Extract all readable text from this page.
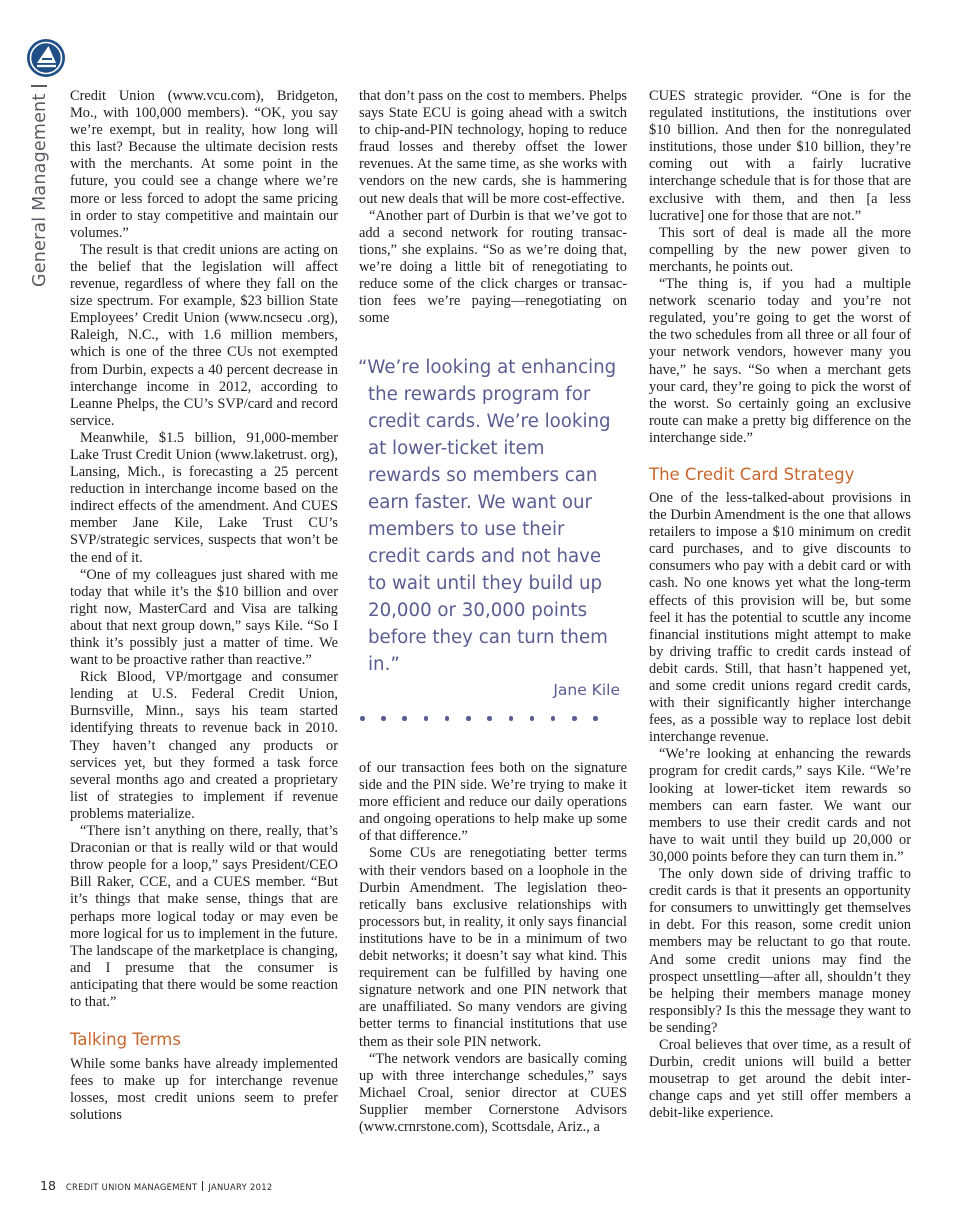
General Management Credit Union (www.vcu.com), Bridgeton, Mo., with 100,000 members). “OK, you say we’re exempt, but in reality, how long will this last? Because the ultimate decision rests with the merchants. At some point in the future, you could see a change where we’re more or less forced to adopt the same pricing in order to stay competitive and maintain our volumes.”

The result is that credit unions are acting on the belief that the legislation will affect revenue, regardless of where they fall on the size spectrum. For example, $23 billion State Employees’ Credit Union (www.ncsecu .org), Raleigh, N.C., with 1.6 million members, which is one of the three CUs not exempted from Durbin, expects a 40 percent decrease in interchange income in 2012, according to Leanne Phelps, the CU’s SVP/card and record service.

Meanwhile, $1.5 billion, 91,000-member Lake Trust Credit Union (www.laketrust. org), Lansing, Mich., is forecasting a 25 percent reduction in interchange income based on the indirect effects of the amendment. And CUES member Jane Kile, Lake Trust CU’s SVP/strategic services, suspects that won’t be the end of it.

“One of my colleagues just shared with me today that while it’s the $10 billion and over right now, MasterCard and Visa are talking about that next group down,” says Kile. “So I think it’s possibly just a matter of time. We want to be proactive rather than reactive.”

Rick Blood, VP/mortgage and consumer lending at U.S. Federal Credit Union, Burnsville, Minn., says his team started identifying threats to revenue back in 2010. They haven’t changed any products or services yet, but they formed a task force several months ago and created a proprietary list of strategies to implement if revenue problems materialize.

“There isn’t anything on there, really, that’s Draconian or that is really wild or that would throw people for a loop,” says President/CEO Bill Raker, CCE, and a CUES member. “But it’s things that make sense, things that are perhaps more logical today or may even be more logical for us to implement in the future. The landscape of the marketplace is changing, and I presume that the consumer is anticipating that there would be some reaction to that.”

Talking Terms

While some banks have already implemented fees to make up for interchange revenue losses, most credit unions seem to prefer solutions

that don’t pass on the cost to members. Phelps says State ECU is going ahead with a switch to chip-and-PIN technology, hoping to reduce fraud losses and thereby offset the lower revenues. At the same time, as she works with vendors on the new cards, she is hammering out new deals that will be more cost-effective.

“Another part of Durbin is that we’ve got to add a second network for routing transactions,” she explains. “So as we’re doing that, we’re doing a little bit of renegotiating to reduce some of the click charges or transaction fees we’re paying—renegotiating on some

“We’re looking at enhancing the rewards program for credit cards. We’re looking at lower-ticket item rewards so members can earn faster. We want our members to use their credit cards and not have to wait until they build up 20,000 or 30,000 points before they can turn them in.”

Jane Kile

of our transaction fees both on the signature side and the PIN side. We’re trying to make it more efficient and reduce our daily operations and ongoing operations to help make up some of that difference.”

Some CUs are renegotiating better terms with their vendors based on a loophole in the Durbin Amendment. The legislation theoretically bans exclusive relationships with processors but, in reality, it only says financial institutions have to be in a minimum of two debit networks; it doesn’t say what kind. This requirement can be fulfilled by having one signature network and one PIN network that are unaffiliated. So many vendors are giving better terms to financial institutions that use them as their sole PIN network.

“The network vendors are basically coming up with three interchange schedules,” says Michael Croal, senior director at CUES Supplier member Cornerstone Advisors (www.crnrstone.com), Scottsdale, Ariz., a

CUES strategic provider. “One is for the regulated institutions, the institutions over $10 billion. And then for the nonregulated institutions, those under $10 billion, they’re coming out with a fairly lucrative interchange schedule that is for those that are exclusive with them, and then [a less lucrative] one for those that are not.”

This sort of deal is made all the more compelling by the new power given to merchants, he points out.

“The thing is, if you had a multiple network scenario today and you’re not regulated, you’re going to get the worst of the two schedules from all three or all four of your network vendors, however many you have,” he says. “So when a merchant gets your card, they’re going to pick the worst of the worst. So certainly going an exclusive route can make a pretty big difference on the interchange side.”

The Credit Card Strategy

One of the less-talked-about provisions in the Durbin Amendment is the one that allows retailers to impose a $10 minimum on credit card purchases, and to give discounts to consumers who pay with a debit card or with cash. No one knows yet what the long-term effects of this provision will be, but some feel it has the potential to scuttle any income financial institutions might attempt to make by driving traffic to credit cards instead of debit cards. Still, that hasn’t happened yet, and some credit unions regard credit cards, with their significantly higher interchange fees, as a possible way to replace lost debit interchange revenue.

“We’re looking at enhancing the rewards program for credit cards,” says Kile. “We’re looking at lower-ticket item rewards so members can earn faster. We want our members to use their credit cards and not have to wait until they build up 20,000 or 30,000 points before they can turn them in.”

The only down side of driving traffic to credit cards is that it presents an opportunity for consumers to unwittingly get themselves in debt. For this reason, some credit union members may be reluctant to go that route. And some credit unions may find the prospect unsettling—after all, shouldn’t they be helping their members manage money responsibly? Is this the message they want to be sending?

Croal believes that over time, as a result of Durbin, credit unions will build a better mousetrap to get around the debit interchange caps and yet still offer members a debit-like experience.

18 CREDIT UNION MANAGEMENT JANUARY 2012
